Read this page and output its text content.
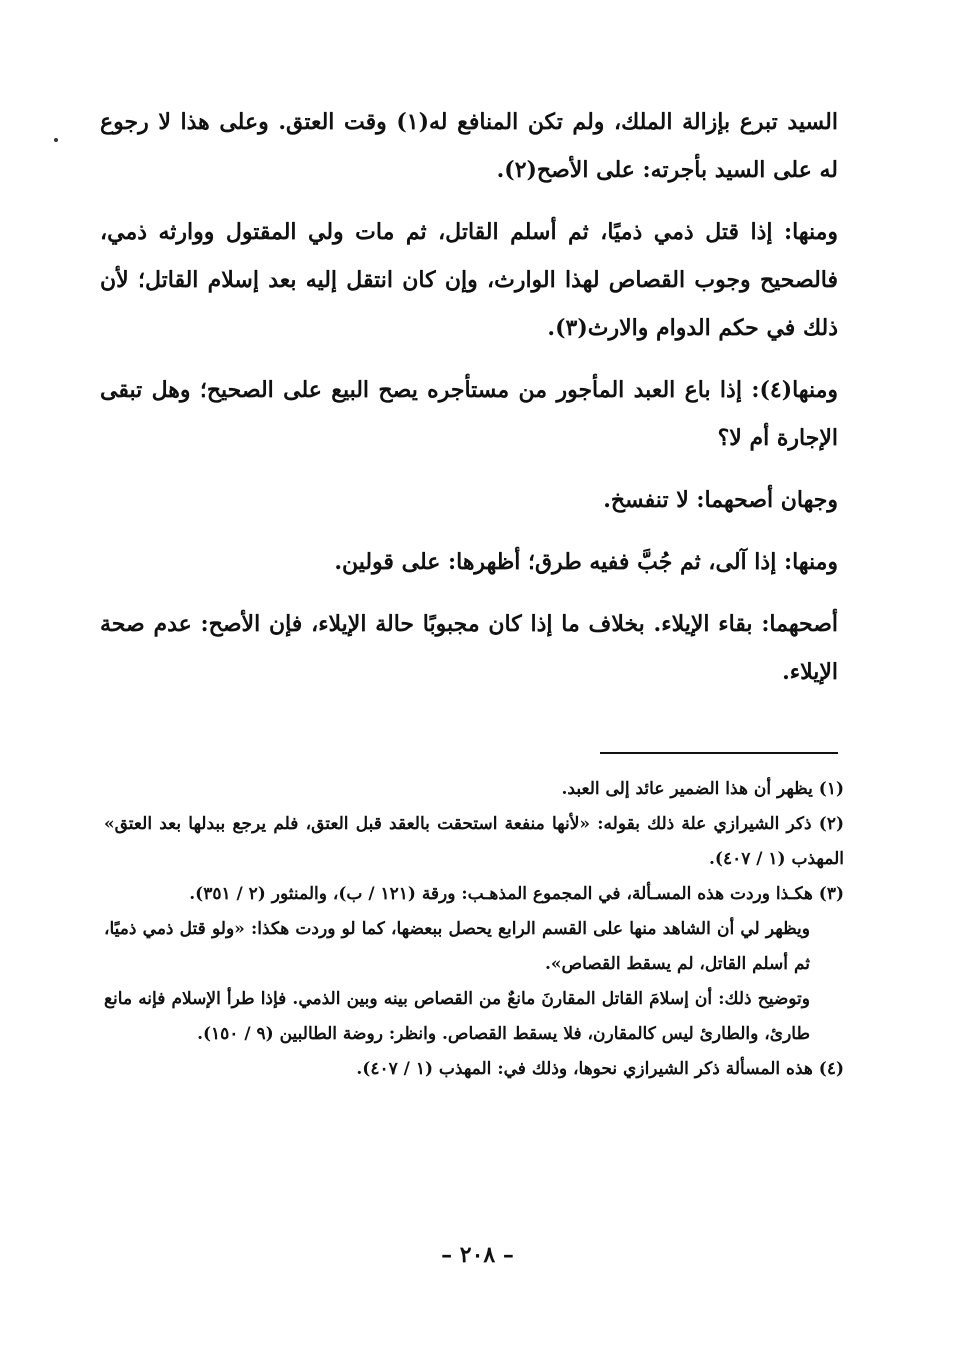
السيد تبرع بإزالة الملك، ولم تكن المنافع له(١) وقت العتق. وعلى هذا لا رجوع له على السيد بأجرته: على الأصح(٢).

ومنها: إذا قتل ذمي ذميًا، ثم أسلم القاتل، ثم مات ولي المقتول ووارثه ذمي، فالصحيح وجوب القصاص لهذا الوارث، وإن كان انتقل إليه بعد إسلام القاتل؛ لأن ذلك في حكم الدوام والارث(٣).

ومنها(٤): إذا باع العبد المأجور من مستأجره يصح البيع على الصحيح؛ وهل تبقى الإجارة أم لا؟

وجهان أصحهما: لا تنفسخ.

ومنها: إذا آلى، ثم جُبَّ ففيه طرق؛ أظهرها: على قولين.

أصحهما: بقاء الإيلاء. بخلاف ما إذا كان مجبوبًا حالة الإيلاء، فإن الأصح: عدم صحة الإيلاء.

(١) يظهر أن هذا الضمير عائد إلى العبد.

(٢) ذكر الشيرازي علة ذلك بقوله: «لأنها منفعة استحقت بالعقد قبل العتق، فلم يرجع ببدلها بعد العتق» المهذب (١ / ٤٠٧).

(٣) هكـذا وردت هذه المسـألة، في المجموع المذهـب: ورقة (١٢١ / ب)، والمنثور (٢ / ٣٥١).

ويظهر لي أن الشاهد منها على القسم الرابع يحصل ببعضها، كما لو وردت هكذا: «ولو قتل ذمي ذميًا، ثم أسلم القاتل، لم يسقط القصاص».

وتوضيح ذلك: أن إسلامَ القاتل المقارنَ مانعٌ من القصاص بينه وبين الذمي. فإذا طرأ الإسلام فإنه مانع طارئ، والطارئ ليس كالمقارن، فلا يسقط القصاص. وانظر: روضة الطالبين (٩ / ١٥٠).

(٤) هذه المسألة ذكر الشيرازي نحوها، وذلك في: المهذب (١ / ٤٠٧).

– ٢٠٨ –
